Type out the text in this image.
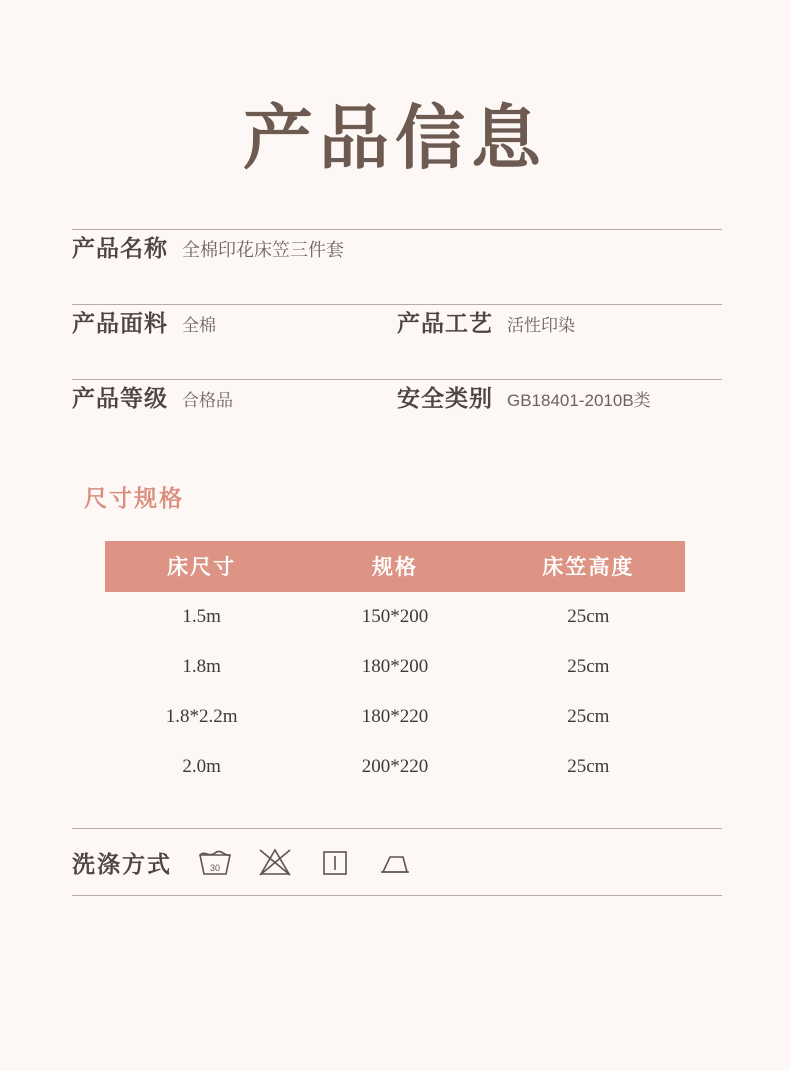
产品信息
产品名称 全棉印花床笠三件套
产品面料 全棉	产品工艺 活性印染
产品等级 合格品	安全类别 GB18401-2010B类
尺寸规格
床尺寸	规格	床笠高度
1.5m	150*200	25cm
1.8m	180*200	25cm
1.8*2.2m	180*220	25cm
2.0m	200*220	25cm
洗涤方式	30
